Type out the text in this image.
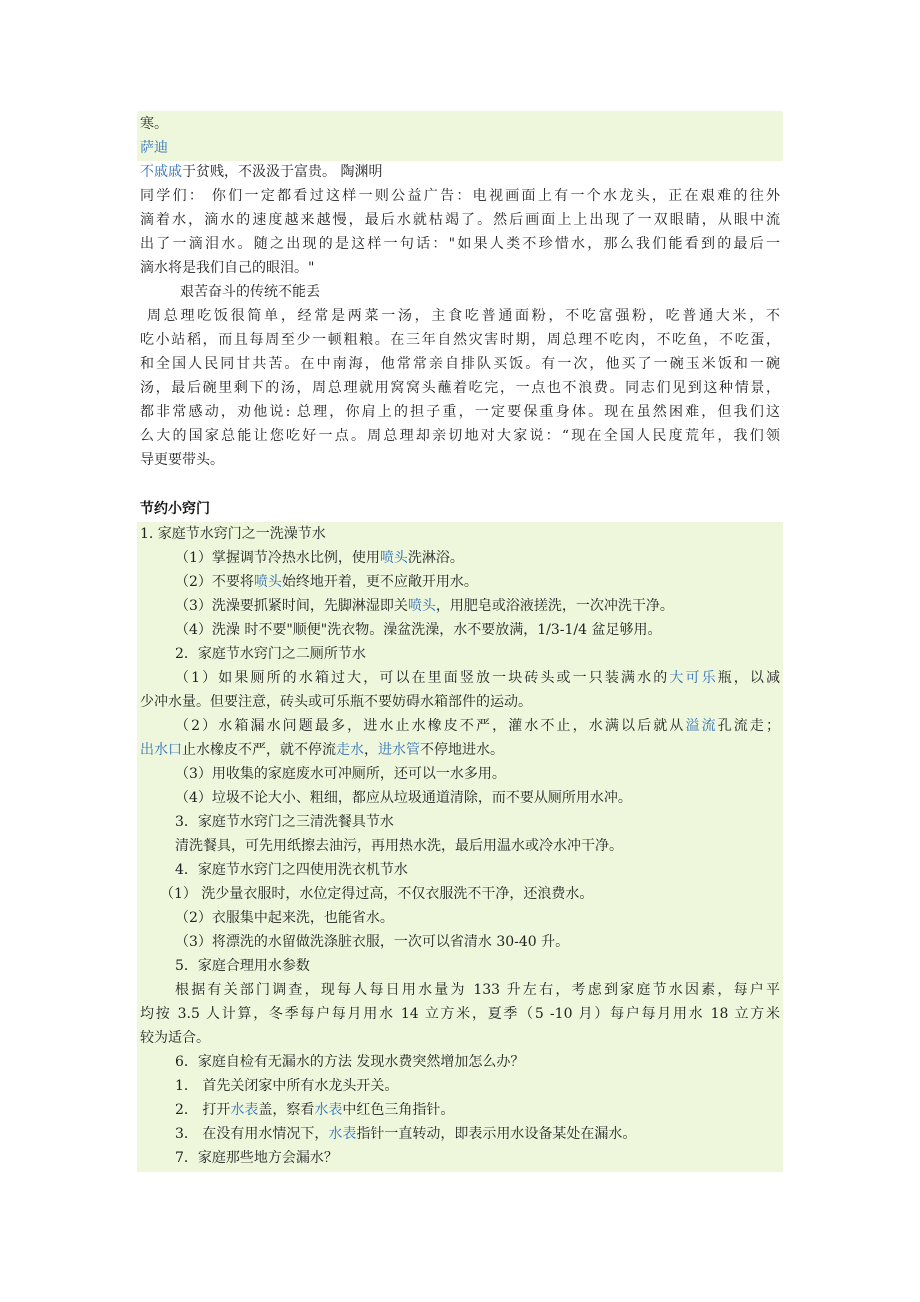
寒。
萨迪
不戚戚于贫贱，不汲汲于富贵。 陶渊明
同学们： 你们一定都看过这样一则公益广告：电视画面上有一个水龙头，正在艰难的往外
滴着水，滴水的速度越来越慢，最后水就枯竭了。然后画面上上出现了一双眼睛，从眼中流
出了一滴泪水。随之出现的是这样一句话："如果人类不珍惜水，那么我们能看到的最后一
滴水将是我们自己的眼泪。"
艰苦奋斗的传统不能丢
周总理吃饭很简单，经常是两菜一汤，主食吃普通面粉，不吃富强粉，吃普通大米，不
吃小站稻，而且每周至少一顿粗粮。在三年自然灾害时期，周总理不吃肉，不吃鱼，不吃蛋，
和全国人民同甘共苦。在中南海，他常常亲自排队买饭。有一次，他买了一碗玉米饭和一碗
汤，最后碗里剩下的汤，周总理就用窝窝头蘸着吃完，一点也不浪费。同志们见到这种情景，
都非常感动，劝他说: 总理，你肩上的担子重，一定要保重身体。现在虽然困难，但我们这
么大的国家总能让您吃好一点。周总理却亲切地对大家说：“现在全国人民度荒年，我们领
导更要带头。
节约小窍门
1. 家庭节水窍门之一洗澡节水
（1）掌握调节冷热水比例，使用喷头洗淋浴。
（2）不要将喷头始终地开着，更不应敞开用水。
（3）洗澡要抓紧时间，先脚淋湿即关喷头，用肥皂或浴液搓洗，一次冲洗干净。
（4）洗澡 时不要"顺便"洗衣物。澡盆洗澡，水不要放满，1/3-1/4 盆足够用。
2．家庭节水窍门之二厕所节水
（1）如果厕所的水箱过大，可以在里面竖放一块砖头或一只装满水的大可乐瓶，以减
少冲水量。但要注意，砖头或可乐瓶不要妨碍水箱部件的运动。
（2）水箱漏水问题最多，进水止水橡皮不严，灌水不止，水满以后就从溢流孔流走；
出水口止水橡皮不严，就不停流走水，进水管不停地进水。
（3）用收集的家庭废水可冲厕所，还可以一水多用。
（4）垃圾不论大小、粗细，都应从垃圾通道清除，而不要从厕所用水冲。
3．家庭节水窍门之三清洗餐具节水
清洗餐具，可先用纸擦去油污，再用热水洗，最后用温水或冷水冲干净。
4．家庭节水窍门之四使用洗衣机节水
（1） 洗少量衣服时，水位定得过高，不仅衣服洗不干净，还浪费水。
（2）衣服集中起来洗，也能省水。
（3）将漂洗的水留做洗涤脏衣服，一次可以省清水 30-40 升。
5．家庭合理用水参数
根据有关部门调查，现每人每日用水量为 133 升左右，考虑到家庭节水因素，每户平
均按 3.5 人计算，冬季每户每月用水 14 立方米，夏季（5 -10 月）每户每月用水 18 立方米
较为适合。
6．家庭自检有无漏水的方法 发现水费突然增加怎么办？
1． 首先关闭家中所有水龙头开关。
2． 打开水表盖，察看水表中红色三角指针。
3． 在没有用水情况下，水表指针一直转动，即表示用水设备某处在漏水。
7．家庭那些地方会漏水？
